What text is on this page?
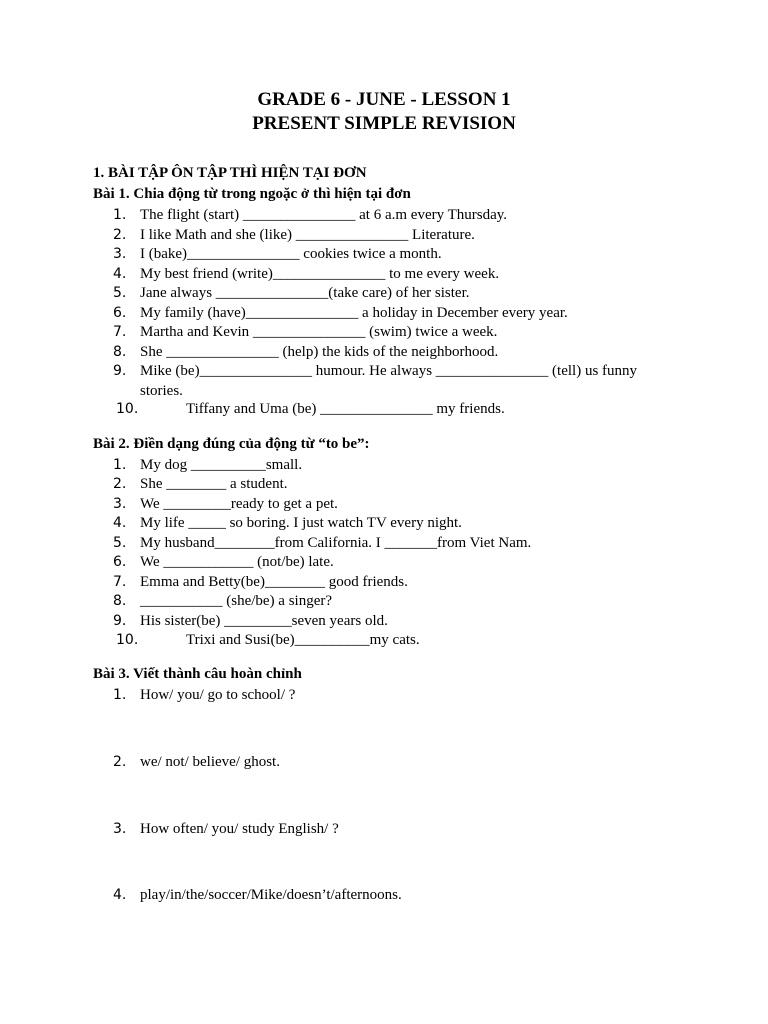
GRADE 6 - JUNE - LESSON 1
PRESENT SIMPLE REVISION
1. BÀI TẬP ÔN TẬP THÌ HIỆN TẠI ĐƠN
Bài 1. Chia động từ trong ngoặc ở thì hiện tại đơn
1. The flight (start) _______________ at 6 a.m every Thursday.
2. I like Math and she (like) _______________ Literature.
3. I (bake)_______________ cookies twice a month.
4. My best friend (write)_______________ to me every week.
5. Jane always _______________(take care) of her sister.
6. My family (have)_______________ a holiday in December every year.
7. Martha and Kevin _______________ (swim) twice a week.
8. She _______________ (help) the kids of the neighborhood.
9. Mike (be)_______________ humour. He always _______________ (tell) us funny stories.
10.	Tiffany and Uma (be) _______________ my friends.
Bài 2. Điền dạng đúng của động từ “to be”:
1. My dog __________small.
2. She ________ a student.
3. We _________ready to get a pet.
4. My life _____ so boring. I just watch TV every night.
5. My husband________from California. I _______from Viet Nam.
6. We ____________ (not/be) late.
7. Emma and Betty(be)________ good friends.
8. ___________ (she/be) a singer?
9. His sister(be) _________seven years old.
10.	Trixi and Susi(be)__________my cats.
Bài 3. Viết thành câu hoàn chỉnh
1. How/ you/ go to school/ ?
2. we/ not/ believe/ ghost.
3. How often/ you/ study English/ ?
4. play/in/the/soccer/Mike/doesn’t/afternoons.
